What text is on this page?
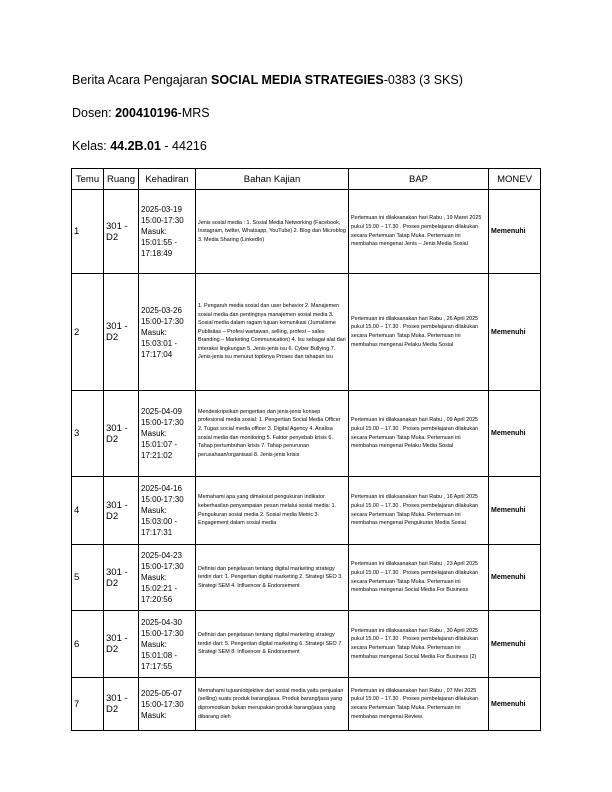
Berita Acara Pengajaran SOCIAL MEDIA STRATEGIES-0383 (3 SKS)
Dosen: 200410196-MRS
Kelas: 44.2B.01 - 44216
Temu	Ruang	Kehadiran	Bahan Kajian	BAP	MONEV
1	301 - D2	2025-03-19 15:00-17:30 Masuk: 15:01:55 - 17:18:49	Jenis sosial media : 1. Sosial Media Networking (Facebook, Instagram, twitter, Whatsapp, YouTube) 2. Blog dan Microblog 3. Media Sharing (LinkedIn)	Pertemuan ini dilaksanakan hari Rabu , 19 Maret 2025 pukul 15.00 – 17.30 . Proses pembelajaran dilakukan secara Pertemuan Tatap Muka. Pertemuan ini membahas mengenai Jenis – Jenis Media Sosial	Memenuhi
2	301 - D2	2025-03-26 15:00-17:30 Masuk: 15:03:01 - 17:17:04	1. Pengaruh media sosial dan user behavior 2. Manajemen sosial media dan pentingnya manajemen sosial media 3. Sosial media dalam ragam tujuan komunikasi (Jurnalisme Publisitas – Profesi wartawan, selling, profesi – sales Branding – Marketing Communication) 4. Isu sebagai alat dari interaksi lingkungan 5. Jenis-jenis isu 6. Cyber Bullying 7. Jenis-jenis isu menurut topiknya Proses dan tahapan isu	Pertemuan ini dilaksanakan hari Rabu , 26 April 2025 pukul 15.00 – 17.30 . Proses pembelajaran dilakukan secara Pertemuan Tatap Muka. Pertemuan ini membahas mengenai Pelaku Media Sosial	Memenuhi
3	301 - D2	2025-04-09 15:00-17:30 Masuk: 15:01:07 - 17:21:02	Mendeskripsikan pengertian dan jenis-jenis konsep profesional media sosial: 1. Pengertian Social Media Officer 2. Tugas social media officer 3. Digital Agency 4. Analisa sosial media dan monitoring 5. Faktor penyebab krisis 6. Tahap pertumbuhan krisis 7. Tahap penurunan perusahaan/organisasi 8. Jenis-jenis krisis	Pertemuan ini dilaksanakan hari Rabu , 09 April 2025 pukul 15.00 – 17.30 . Proses pembelajaran dilakukan secara Pertemuan Tatap Muka. Pertemuan ini membahas mengenai Pelaku Media Sosial	Memenuhi
4	301 - D2	2025-04-16 15:00-17:30 Masuk: 15:03:00 - 17:17:31	Memahami apa yang dimaksud pengukuran indikator keberhasilan penyampaian pesan melalui sosial media: 1. Pengukuran sosial media 2. Sosial media Metric 3. Engagement dalam sosial media	Pertemuan ini dilaksanakan hari Rabu , 16 April 2025 pukul 15.00 – 17.30 . Proses pembelajaran dilakukan secara Pertemuan Tatap Muka. Pertemuan ini membahas mengenai Pengukuran Media Sosial	Memenuhi
5	301 - D2	2025-04-23 15:00-17:30 Masuk: 15:02:21 - 17:20:56	Definisi dan penjelasan tentang digital marketing strategy terdiri dari: 1. Pengertian digital marketing 2. Strategi SEO 3. Strategi SEM 4. Influencer & Endorsement	Pertemuan ini dilaksanakan hari Rabu , 23 April 2025 pukul 15.00 – 17.30 . Proses pembelajaran dilakukan secara Pertemuan Tatap Muka. Pertemuan ini membahas mengenai Social Media For Business	Memenuhi
6	301 - D2	2025-04-30 15:00-17:30 Masuk: 15:01:08 - 17:17:55	Definisi dan penjelasan tentang digital marketing strategy terdiri dari: 5. Pengertian digital marketing 6. Strategi SEO 7. Strategi SEM 8. Influencer & Endorsement	Pertemuan ini dilaksanakan hari Rabu , 30 April 2025 pukul 15.00 – 17.30 . Proses pembelajaran dilakukan secara Pertemuan Tatap Muka. Pertemuan ini membahas mengenai Social Media For Business (2)	Memenuhi
7	301 - D2	2025-05-07 15:00-17:30 Masuk:	Memahami tujuan/objektive dari sosial media yaitu penjualan (selling) suatu produk barang/jasa. Produk barang/jasa yang dipromosikan bukan merupakan produk barang/jasa yang dibarang oleh	Pertemuan ini dilaksanakan hari Rabu , 07 Mei 2025 pukul 15.00 – 17.30 . Proses pembelajaran dilakukan secara Pertemuan Tatap Muka. Pertemuan ini membahas mengenai Review.	Memenuhi
